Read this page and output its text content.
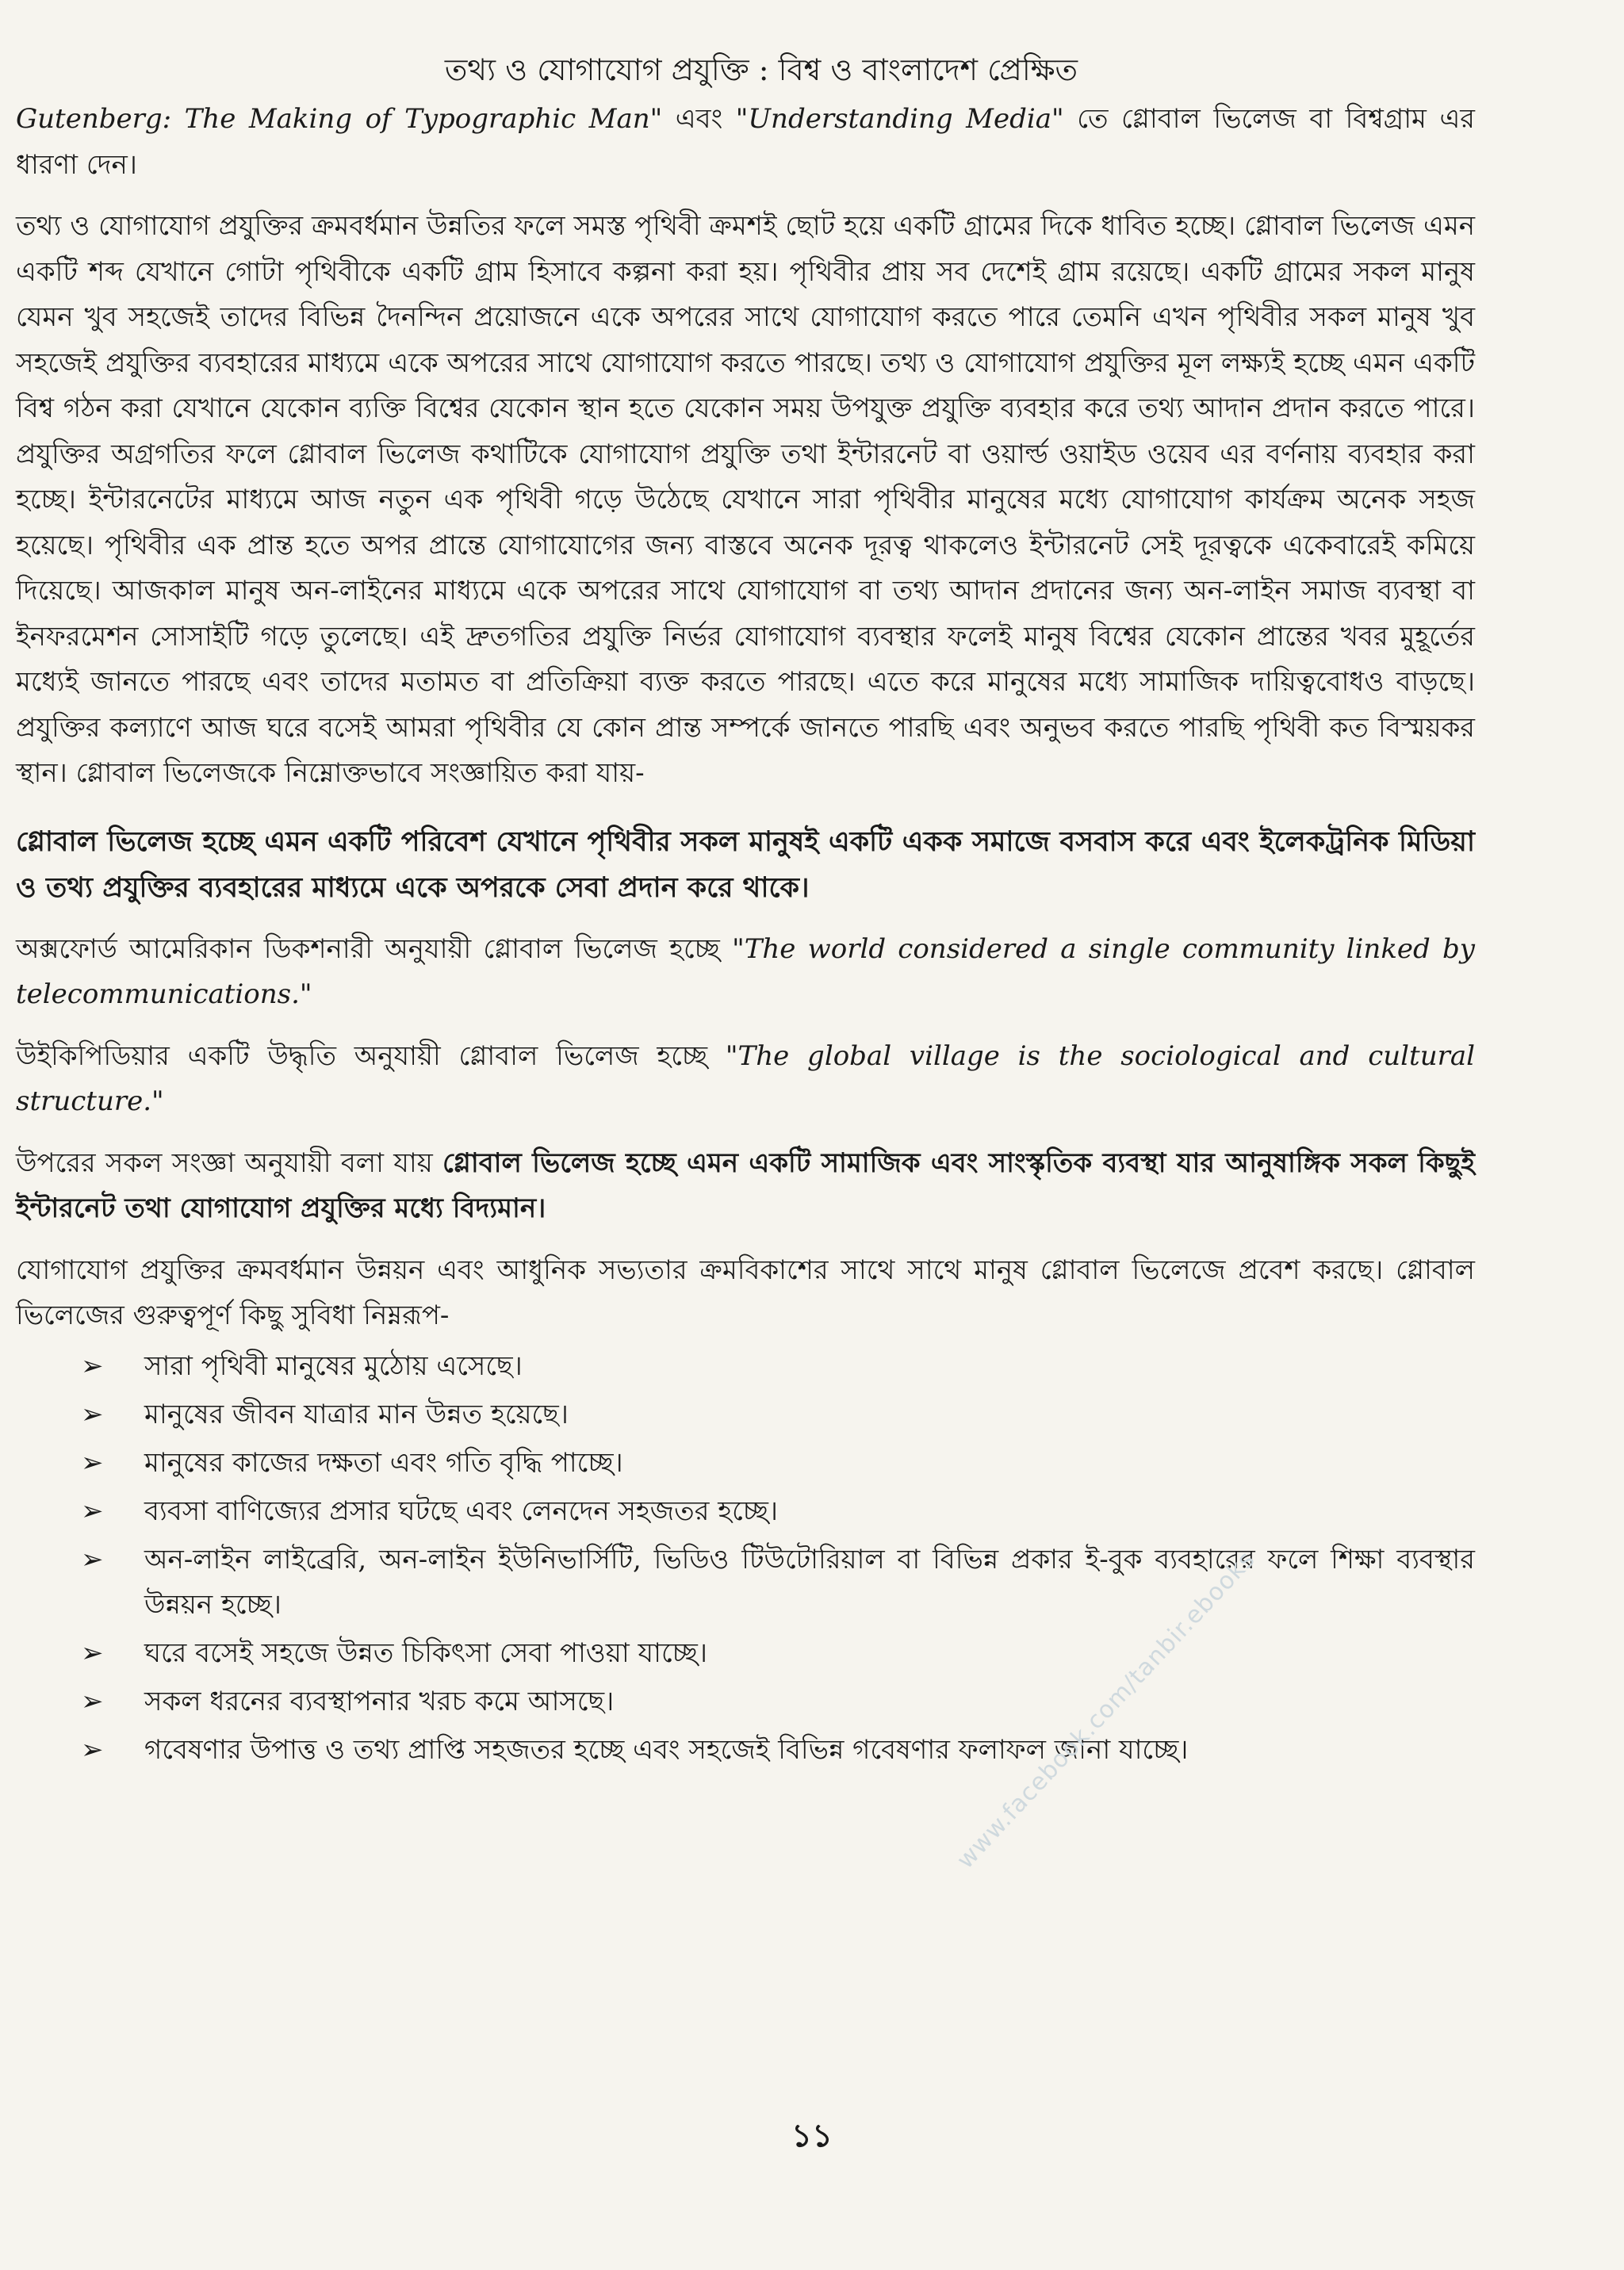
তথ্য ও যোগাযোগ প্রযুক্তি : বিশ্ব ও বাংলাদেশ প্রেক্ষিত

Gutenberg: The Making of Typographic Man" এবং "Understanding Media" তে গ্লোবাল ভিলেজ বা বিশ্বগ্রাম এর ধারণা দেন।

তথ্য ও যোগাযোগ প্রযুক্তির ক্রমবর্ধমান উন্নতির ফলে সমস্ত পৃথিবী ক্রমশই ছোট হয়ে একটি গ্রামের দিকে ধাবিত হচ্ছে। গ্লোবাল ভিলেজ এমন একটি শব্দ যেখানে গোটা পৃথিবীকে একটি গ্রাম হিসাবে কল্পনা করা হয়। পৃথিবীর প্রায় সব দেশেই গ্রাম রয়েছে। একটি গ্রামের সকল মানুষ যেমন খুব সহজেই তাদের বিভিন্ন দৈনন্দিন প্রয়োজনে একে অপরের সাথে যোগাযোগ করতে পারে তেমনি এখন পৃথিবীর সকল মানুষ খুব সহজেই প্রযুক্তির ব্যবহারের মাধ্যমে একে অপরের সাথে যোগাযোগ করতে পারছে। তথ্য ও যোগাযোগ প্রযুক্তির মূল লক্ষ্যই হচ্ছে এমন একটি বিশ্ব গঠন করা যেখানে যেকোন ব্যক্তি বিশ্বের যেকোন স্থান হতে যেকোন সময় উপযুক্ত প্রযুক্তি ব্যবহার করে তথ্য আদান প্রদান করতে পারে। প্রযুক্তির অগ্রগতির ফলে গ্লোবাল ভিলেজ কথাটিকে যোগাযোগ প্রযুক্তি তথা ইন্টারনেট বা ওয়ার্ল্ড ওয়াইড ওয়েব এর বর্ণনায় ব্যবহার করা হচ্ছে। ইন্টারনেটের মাধ্যমে আজ নতুন এক পৃথিবী গড়ে উঠেছে যেখানে সারা পৃথিবীর মানুষের মধ্যে যোগাযোগ কার্যক্রম অনেক সহজ হয়েছে। পৃথিবীর এক প্রান্ত হতে অপর প্রান্তে যোগাযোগের জন্য বাস্তবে অনেক দূরত্ব থাকলেও ইন্টারনেট সেই দূরত্বকে একেবারেই কমিয়ে দিয়েছে। আজকাল মানুষ অন-লাইনের মাধ্যমে একে অপরের সাথে যোগাযোগ বা তথ্য আদান প্রদানের জন্য অন-লাইন সমাজ ব্যবস্থা বা ইনফরমেশন সোসাইটি গড়ে তুলেছে। এই দ্রুতগতির প্রযুক্তি নির্ভর যোগাযোগ ব্যবস্থার ফলেই মানুষ বিশ্বের যেকোন প্রান্তের খবর মুহূর্তের মধ্যেই জানতে পারছে এবং তাদের মতামত বা প্রতিক্রিয়া ব্যক্ত করতে পারছে। এতে করে মানুষের মধ্যে সামাজিক দায়িত্ববোধও বাড়ছে। প্রযুক্তির কল্যাণে আজ ঘরে বসেই আমরা পৃথিবীর যে কোন প্রান্ত সম্পর্কে জানতে পারছি এবং অনুভব করতে পারছি পৃথিবী কত বিস্ময়কর স্থান। গ্লোবাল ভিলেজকে নিম্নোক্তভাবে সংজ্ঞায়িত করা যায়-

গ্লোবাল ভিলেজ হচ্ছে এমন একটি পরিবেশ যেখানে পৃথিবীর সকল মানুষই একটি একক সমাজে বসবাস করে এবং ইলেকট্রনিক মিডিয়া ও তথ্য প্রযুক্তির ব্যবহারের মাধ্যমে একে অপরকে সেবা প্রদান করে থাকে।

অক্সফোর্ড আমেরিকান ডিকশনারী অনুযায়ী গ্লোবাল ভিলেজ হচ্ছে "The world considered a single community linked by telecommunications."

উইকিপিডিয়ার একটি উদ্ধৃতি অনুযায়ী গ্লোবাল ভিলেজ হচ্ছে "The global village is the sociological and cultural structure."

উপরের সকল সংজ্ঞা অনুযায়ী বলা যায় গ্লোবাল ভিলেজ হচ্ছে এমন একটি সামাজিক এবং সাংস্কৃতিক ব্যবস্থা যার আনুষাঙ্গিক সকল কিছুই ইন্টারনেট তথা যোগাযোগ প্রযুক্তির মধ্যে বিদ্যমান।

যোগাযোগ প্রযুক্তির ক্রমবর্ধমান উন্নয়ন এবং আধুনিক সভ্যতার ক্রমবিকাশের সাথে সাথে মানুষ গ্লোবাল ভিলেজে প্রবেশ করছে। গ্লোবাল ভিলেজের গুরুত্বপূর্ণ কিছু সুবিধা নিম্নরূপ-

➢ সারা পৃথিবী মানুষের মুঠোয় এসেছে।
➢ মানুষের জীবন যাত্রার মান উন্নত হয়েছে।
➢ মানুষের কাজের দক্ষতা এবং গতি বৃদ্ধি পাচ্ছে।
➢ ব্যবসা বাণিজ্যের প্রসার ঘটছে এবং লেনদেন সহজতর হচ্ছে।
➢ অন-লাইন লাইব্রেরি, অন-লাইন ইউনিভার্সিটি, ভিডিও টিউটোরিয়াল বা বিভিন্ন প্রকার ই-বুক ব্যবহারের ফলে শিক্ষা ব্যবস্থার উন্নয়ন হচ্ছে।
➢ ঘরে বসেই সহজে উন্নত চিকিৎসা সেবা পাওয়া যাচ্ছে।
➢ সকল ধরনের ব্যবস্থাপনার খরচ কমে আসছে।
➢ গবেষণার উপাত্ত ও তথ্য প্রাপ্তি সহজতর হচ্ছে এবং সহজেই বিভিন্ন গবেষণার ফলাফল জানা যাচ্ছে।
www.facebook.com/tanbir.ebooks
১১
